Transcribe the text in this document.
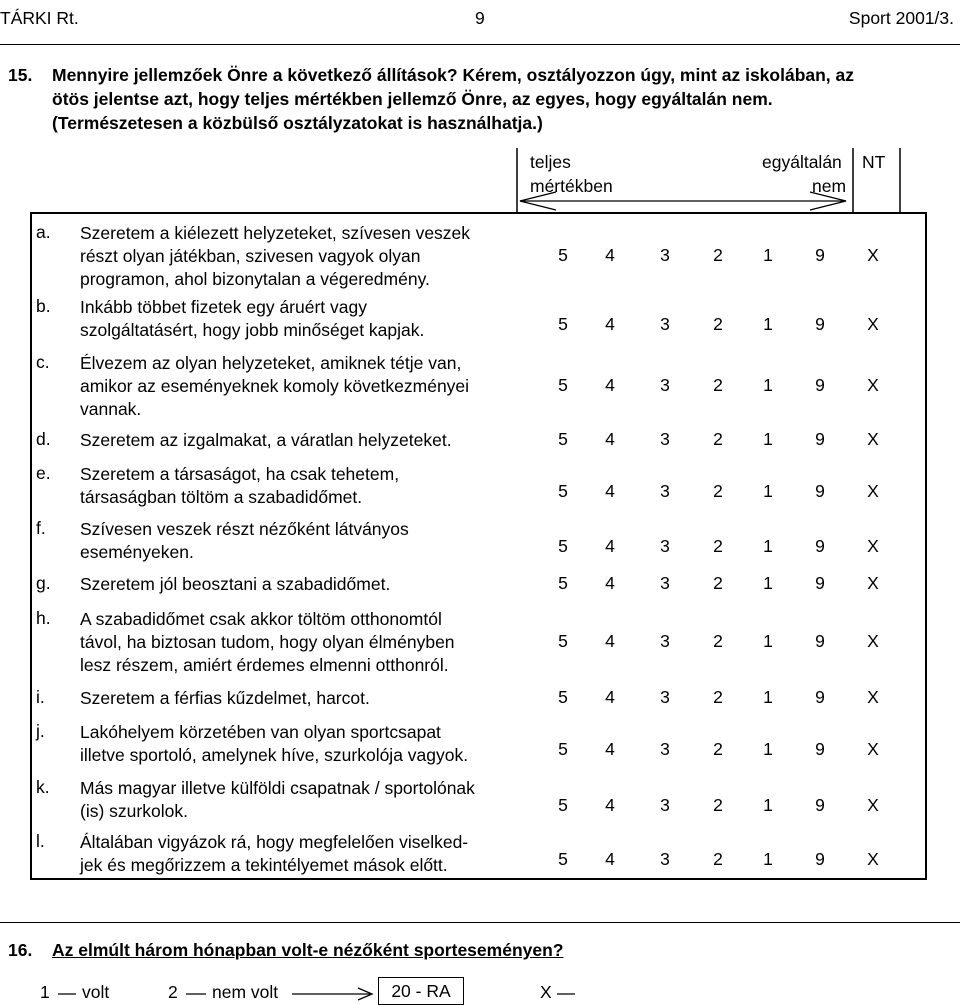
TÁRKI Rt.	9	Sport 2001/3.
15. Mennyire jellemzőek Önre a következő állítások? Kérem, osztályozzon úgy, mint az iskolában, az
ötös jelentse azt, hogy teljes mértékben jellemző Önre, az egyes, hogy egyáltalán nem.
(Természetesen a közbülső osztályzatokat is használhatja.)
teljes
mértékben
egyáltalán
nem
NT
a. Szeretem a kiélezett helyzeteket, szívesen veszek
részt olyan játékban, szivesen vagyok olyan
programon, ahol bizonytalan a végeredmény.
5 4	3 2 1 9 X
b. Inkább többet fizetek egy áruért vagy
szolgáltatásért, hogy jobb minőséget kapjak.	5 4	3 2 1 9 X
c. Élvezem az olyan helyzeteket, amiknek tétje van,
amikor az eseményeknek komoly következményei
vannak.
5 4	3 2 1 9 X
d. Szeretem az izgalmakat, a váratlan helyzeteket.	5 4	3 2 1 9 X
e. Szeretem a társaságot, ha csak tehetem,
társaságban töltöm a szabadidőmet.	5 4	3 2 1 9 X
f. Szívesen veszek részt nézőként látványos
eseményeken.	5 4	3 2 1 9 X
g. Szeretem jól beosztani a szabadidőmet.	5 4	3 2 1 9 X
h. A szabadidőmet csak akkor töltöm otthonomtól
távol, ha biztosan tudom, hogy olyan élményben
lesz részem, amiért érdemes elmenni otthonról.
5 4	3 2 1 9 X
i. Szeretem a férfias kűzdelmet, harcot.	5 4	3 2 1 9 X
j. Lakóhelyem körzetében van olyan sportcsapat
illetve sportoló, amelynek híve, szurkolója vagyok.	5 4	3 2 1 9 X
k. Más magyar illetve külföldi csapatnak / sportolónak
(is) szurkolok.	5 4	3 2 1 9 X
l. Általában vigyázok rá, hogy megfelelően viselked-
jek és megőrizzem a tekintélyemet mások előtt.	5 4	3 2 1 9 X
16. Az elmúlt három hónapban volt-e nézőként sporteseményen?
1 volt	2 nem volt	20 - RA	X
